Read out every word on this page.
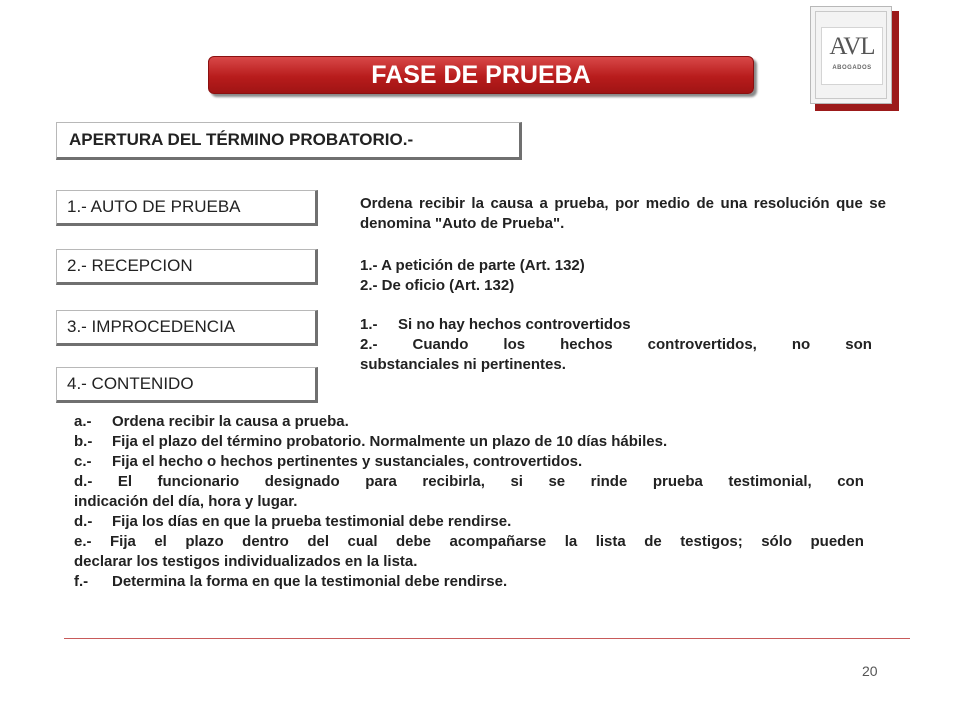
AVL
ABOGADOS
FASE DE PRUEBA
APERTURA DEL TÉRMINO PROBATORIO.-
1.- AUTO DE PRUEBA
2.- RECEPCION
3.- IMPROCEDENCIA
4.- CONTENIDO
Ordena recibir la causa a prueba, por medio de una resolución que se denomina "Auto de Prueba".
1.- A petición de parte (Art. 132)
2.- De oficio (Art. 132)
1.- Si no hay hechos controvertidos
2.- Cuando los hechos controvertidos, no son
substanciales ni pertinentes.
a.- Ordena recibir la causa a prueba.
b.- Fija el plazo del término probatorio. Normalmente un plazo de 10 días hábiles.
c.- Fija el hecho o hechos pertinentes y sustanciales, controvertidos.
d.- El funcionario designado para recibirla, si se rinde prueba testimonial, con
indicación del día, hora y lugar.
d.- Fija los días en que la prueba testimonial debe rendirse.
e.- Fija el plazo dentro del cual debe acompañarse la lista de testigos; sólo pueden
declarar los testigos individualizados en la lista.
f.- Determina la forma en que la testimonial debe rendirse.
20
